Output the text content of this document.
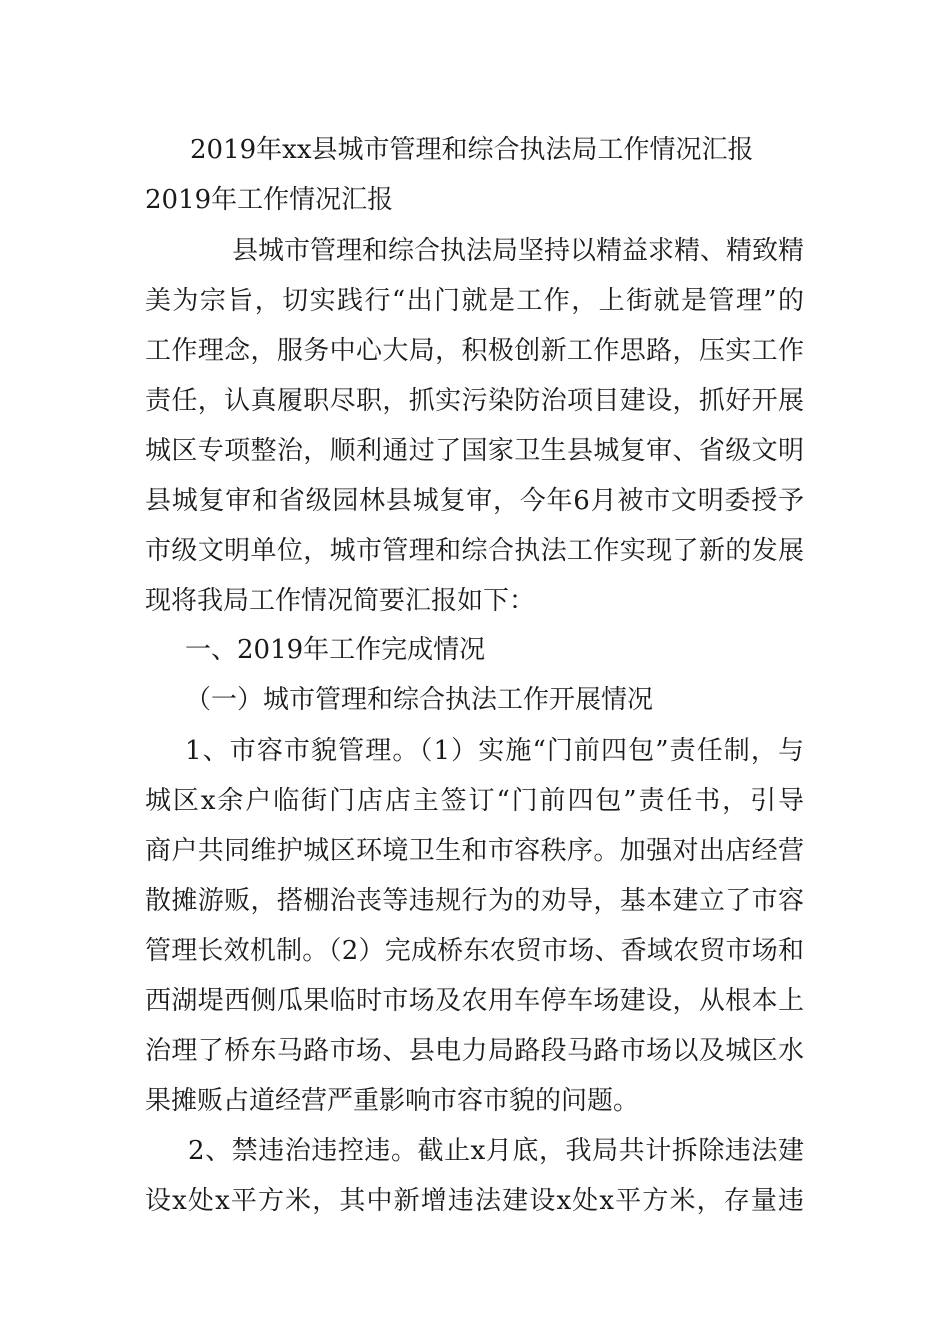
2019年xx县城市管理和综合执法局工作情况汇报
2019年工作情况汇报
县城市管理和综合执法局坚持以精益求精、精致精
美为宗旨，切实践行“出门就是工作，上街就是管理”的
工作理念，服务中心大局，积极创新工作思路，压实工作
责任，认真履职尽职，抓实污染防治项目建设，抓好开展
城区专项整治，顺利通过了国家卫生县城复审、省级文明
县城复审和省级园林县城复审，今年6月被市文明委授予
市级文明单位，城市管理和综合执法工作实现了新的发展
现将我局工作情况简要汇报如下：
一、2019年工作完成情况
（一）城市管理和综合执法工作开展情况
1、市容市貌管理。（1）实施“门前四包”责任制，与
城区x余户临街门店店主签订“门前四包”责任书，引导
商户共同维护城区环境卫生和市容秩序。加强对出店经营
散摊游贩，搭棚治丧等违规行为的劝导，基本建立了市容
管理长效机制。（2）完成桥东农贸市场、香域农贸市场和
西湖堤西侧瓜果临时市场及农用车停车场建设，从根本上
治理了桥东马路市场、县电力局路段马路市场以及城区水
果摊贩占道经营严重影响市容市貌的问题。
2、禁违治违控违。截止x月底，我局共计拆除违法建
设x处x平方米，其中新增违法建设x处x平方米，存量违
